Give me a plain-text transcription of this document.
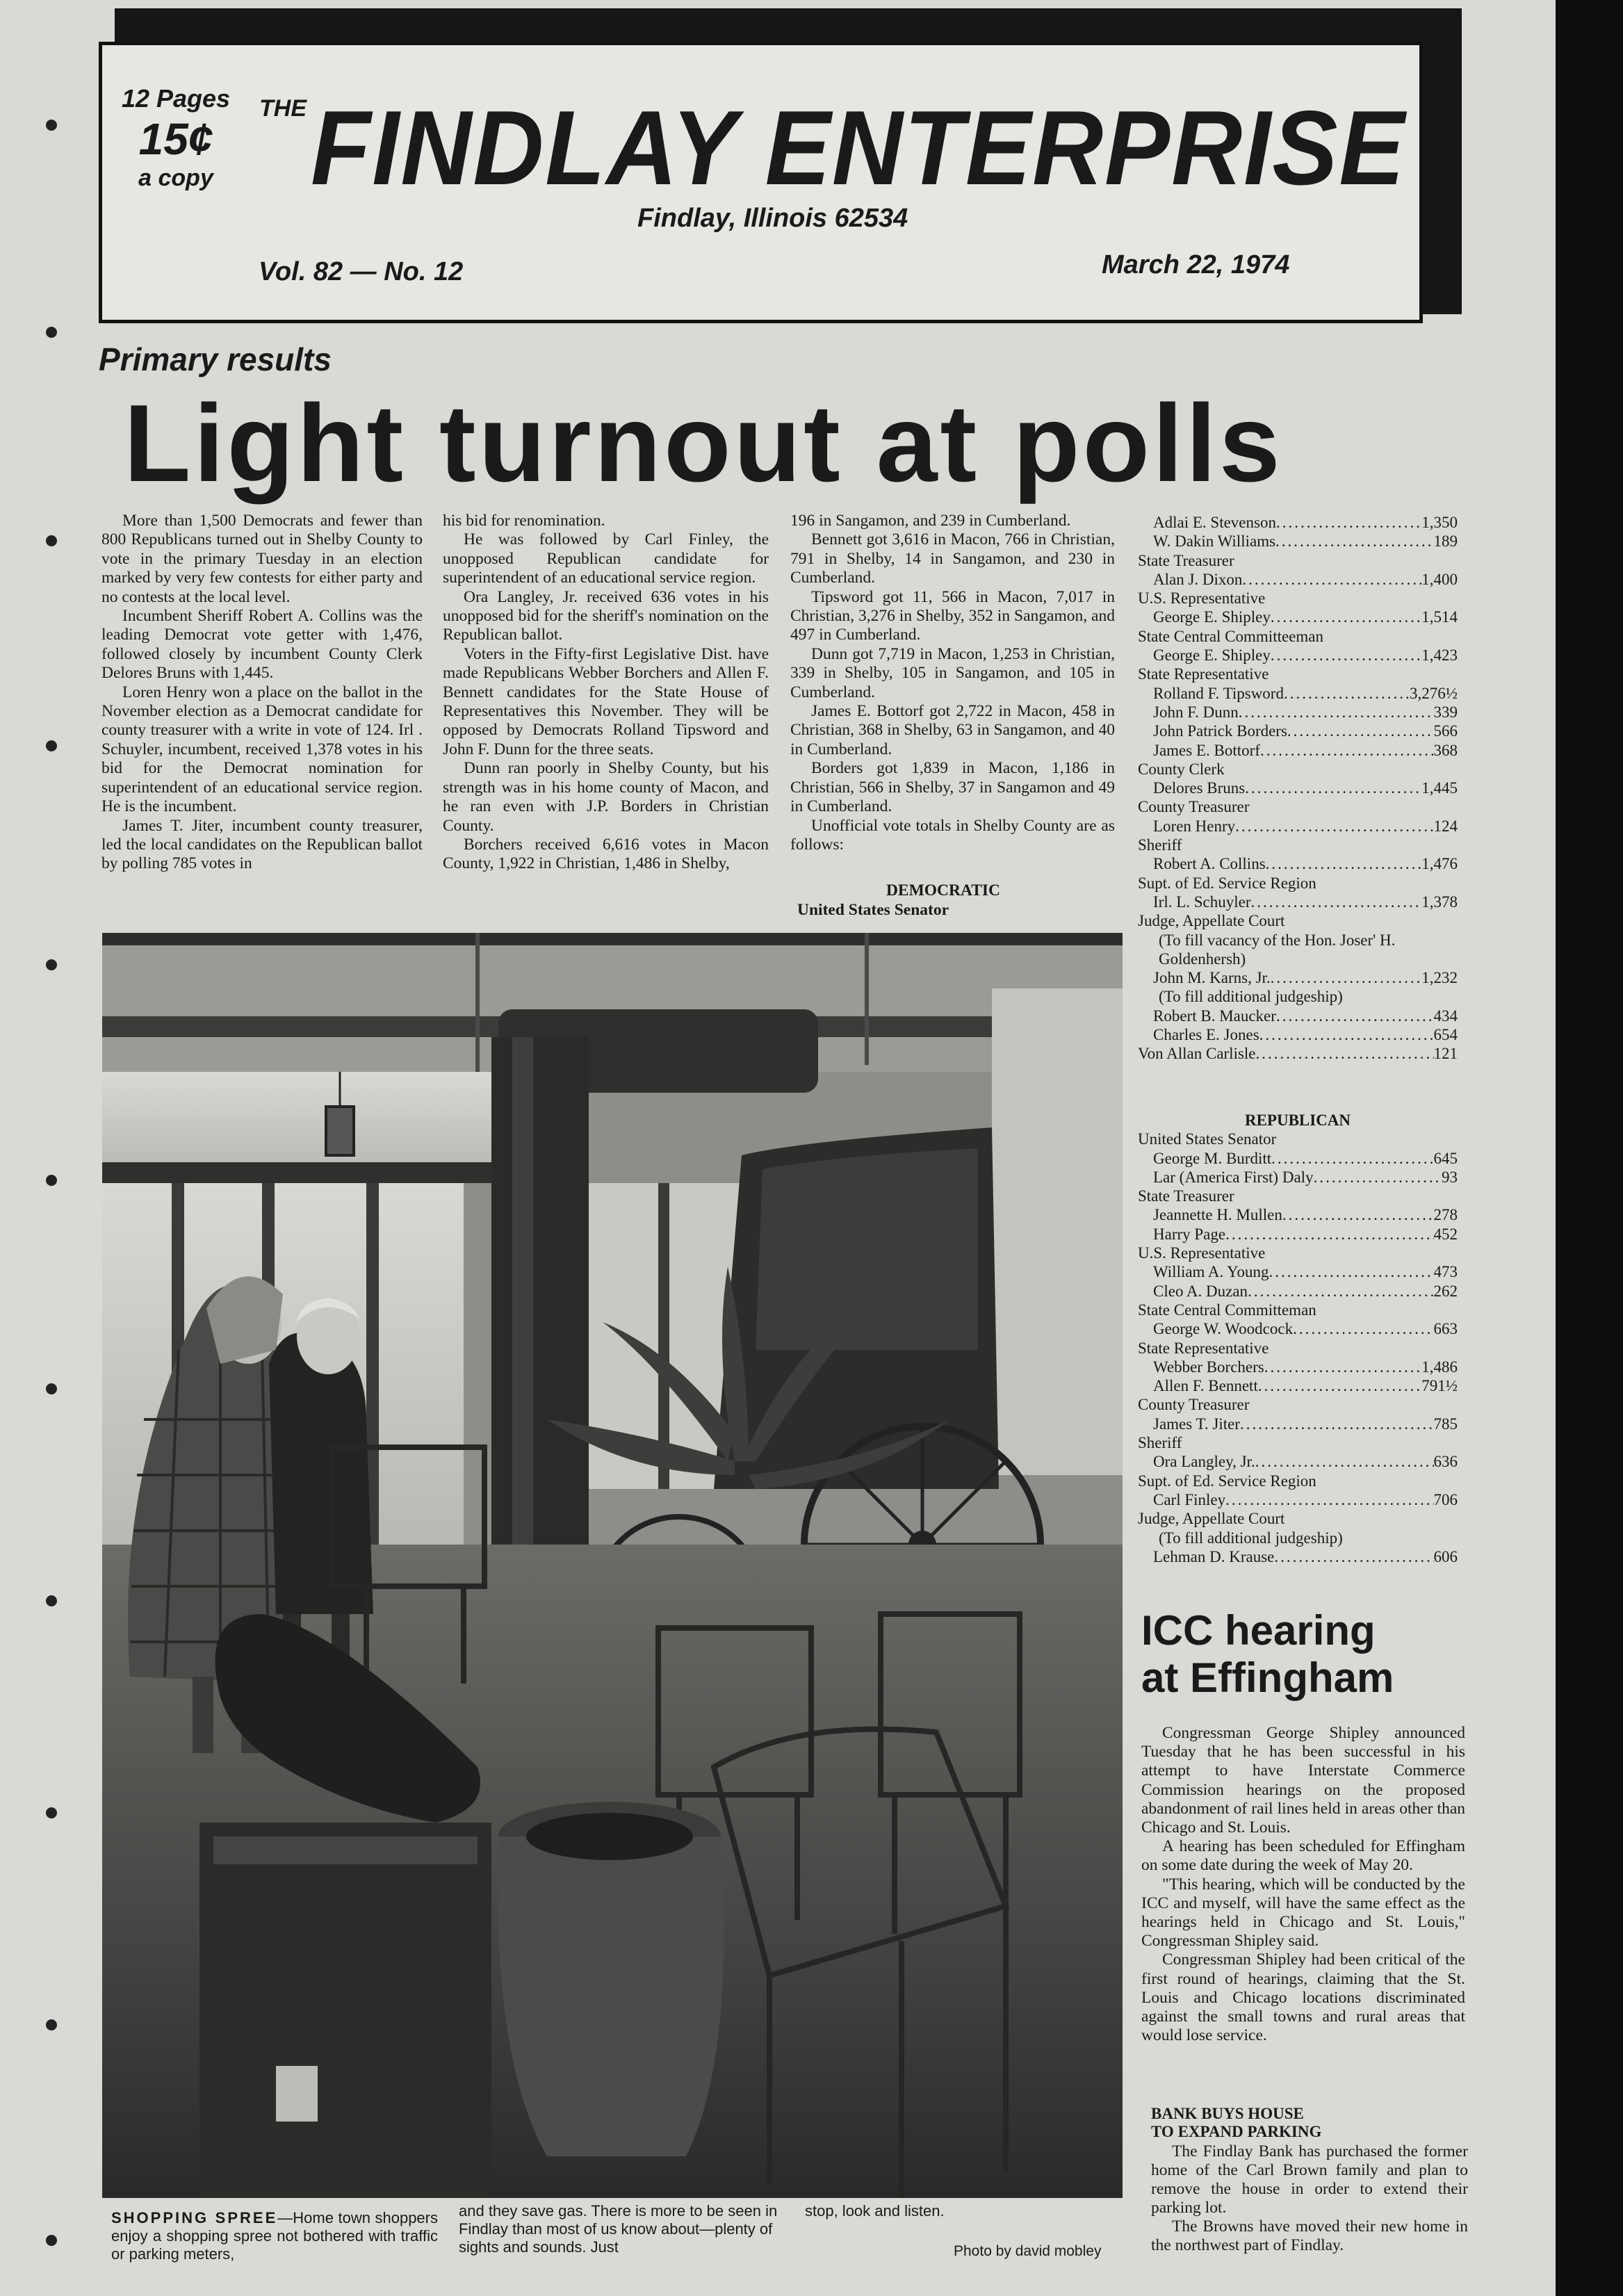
12 Pages
15¢
a copy
THE FINDLAY ENTERPRISE
Findlay, Illinois 62534
Vol. 82 — No. 12	March 22, 1974
Primary results
Light turnout at polls

More than 1,500 Democrats and fewer than 800 Republicans turned out in Shelby County to vote in the primary Tuesday in an election marked by very few contests for either party and no contests at the local level.

Incumbent Sheriff Robert A. Collins was the leading Democrat vote getter with 1,476, followed closely by incumbent County Clerk Delores Bruns with 1,445.

Loren Henry won a place on the ballot in the November election as a Democrat candidate for county treasurer with a write in vote of 124. Irl . Schuyler, incumbent, received 1,378 votes in his bid for the Democrat nomination for superintendent of an educational service region. He is the incumbent.

James T. Jiter, incumbent county treasurer, led the local candidates on the Republican ballot by polling 785 votes in

his bid for renomination.

He was followed by Carl Finley, the unopposed Republican candidate for superintendent of an educational service region.

Ora Langley, Jr. received 636 votes in his unopposed bid for the sheriff's nomination on the Republican ballot.

Voters in the Fifty-first Legislative Dist. have made Republicans Webber Borchers and Allen F. Bennett candidates for the State House of Representatives this November. They will be opposed by Democrats Rolland Tipsword and John F. Dunn for the three seats.

Dunn ran poorly in Shelby County, but his strength was in his home county of Macon, and he ran even with J.P. Borders in Christian County.

Borchers received 6,616 votes in Macon County, 1,922 in Christian, 1,486 in Shelby,

196 in Sangamon, and 239 in Cumberland.

Bennett got 3,616 in Macon, 766 in Christian, 791 in Shelby, 14 in Sangamon, and 230 in Cumberland.

Tipsword got 11, 566 in Macon, 7,017 in Christian, 3,276 in Shelby, 352 in Sangamon, and 497 in Cumberland.

Dunn got 7,719 in Macon, 1,253 in Christian, 339 in Shelby, 105 in Sangamon, and 105 in Cumberland.

James E. Bottorf got 2,722 in Macon, 458 in Christian, 368 in Shelby, 63 in Sangamon, and 40 in Cumberland.

Borders got 1,839 in Macon, 1,186 in Christian, 566 in Shelby, 37 in Sangamon and 49 in Cumberland.

Unofficial vote totals in Shelby County are as follows:

DEMOCRATIC
United States Senator
Adlai E. Stevenson .....	1,350
W. Dakin Williams .....	189
State Treasurer
Alan J. Dixon .....	1,400
U.S. Representative
George E. Shipley .....	1,514
State Central Committeeman
George E. Shipley .....	1,423
State Representative
Rolland F. Tipsword .....	3,276½
John F. Dunn .....	339
John Patrick Borders .....	566
James E. Bottorf .....	368
County Clerk
Delores Bruns .....	1,445
County Treasurer
Loren Henry .....	124
Sheriff
Robert A. Collins .....	1,476
Supt. of Ed. Service Region
Irl. L. Schuyler .....	1,378
Judge, Appellate Court
(To fill vacancy of the Hon. Joser' H.
Goldenhersh)
John M. Karns, Jr. .....	1,232
(To fill additional judgeship)
Robert B. Maucker .....	434
Charles E. Jones .....	654
Von Allan Carlisle .....	121
REPUBLICAN
United States Senator
George M. Burditt .....	645
Lar (America First) Daly .....	93
State Treasurer
Jeannette H. Mullen .....	278
Harry Page .....	452
U.S. Representative
William A. Young .....	473
Cleo A. Duzan .....	262
State Central Committeman
George W. Woodcock .....	663
State Representative
Webber Borchers .....	1,486
Allen F. Bennett .....	791½
County Treasurer
James T. Jiter .....	785
Sheriff
Ora Langley, Jr. .....	636
Supt. of Ed. Service Region
Carl Finley .....	706
Judge, Appellate Court
(To fill additional judgeship)
Lehman D. Krause .....	606
SHOPPING SPREE—Home town shoppers enjoy a shopping spree not bothered with traffic or parking meters,
and they save gas. There is more to be seen in Findlay than most of us know about—plenty of sights and sounds. Just
stop, look and listen.
Photo by david mobley
ICC hearing
at Effingham

Congressman George Shipley announced Tuesday that he has been successful in his attempt to have Interstate Commerce Commission hearings on the proposed abandonment of rail lines held in areas other than Chicago and St. Louis.

A hearing has been scheduled for Effingham on some date during the week of May 20.

"This hearing, which will be conducted by the ICC and myself, will have the same effect as the hearings held in Chicago and St. Louis," Congressman Shipley said.

Congressman Shipley had been critical of the first round of hearings, claiming that the St. Louis and Chicago locations discriminated against the small towns and rural areas that would lose service.

BANK BUYS HOUSE
TO EXPAND PARKING

The Findlay Bank has purchased the former home of the Carl Brown family and plan to remove the house in order to extend their parking lot.

The Browns have moved their new home in the northwest part of Findlay.
